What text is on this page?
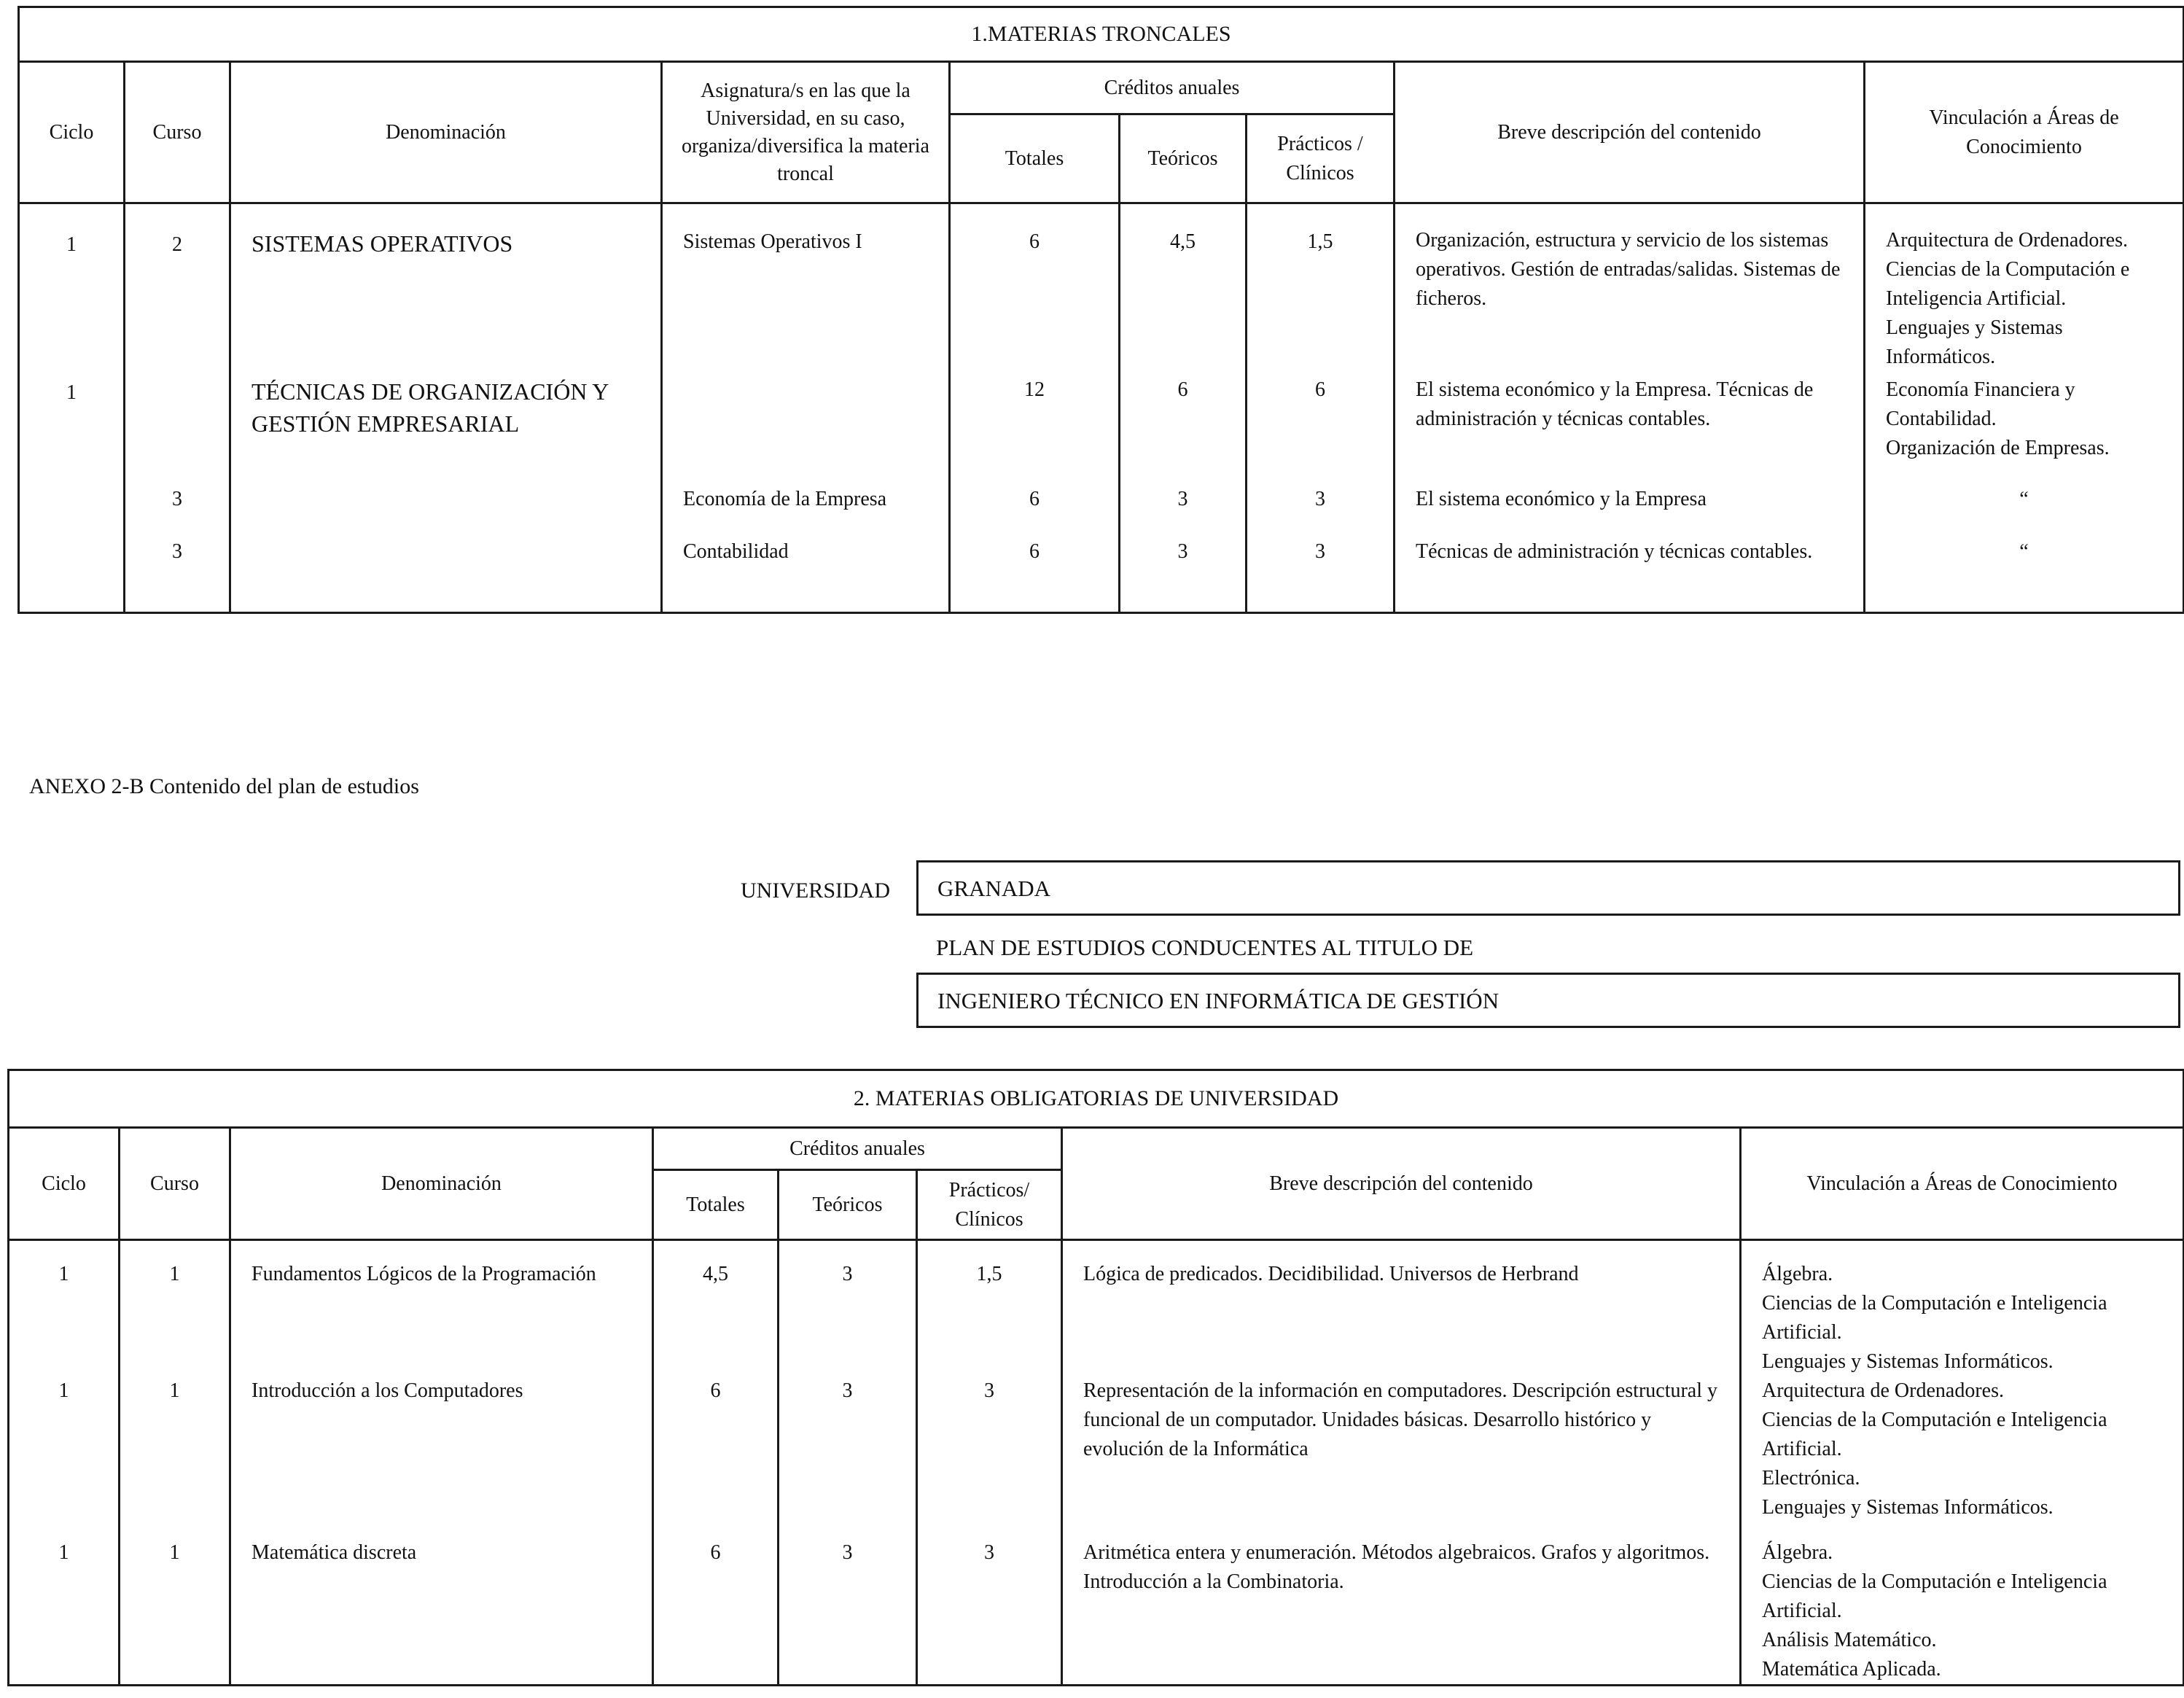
1.MATERIAS TRONCALES								
Ciclo	Curso	Denominación	Asignatura/s en las que la Universidad, en su caso, organiza/diversifica la materia troncal	Créditos anuales			Breve descripción del contenido	Vinculación a Áreas de Conocimiento
				Totales	Teóricos	Prácticos / Clínicos		
1	2	SISTEMAS OPERATIVOS	Sistemas Operativos I	6	4,5	1,5	Organización, estructura y servicio de los sistemas operativos. Gestión de entradas/salidas. Sistemas de ficheros.	Arquitectura de Ordenadores.
Ciencias de la Computación e Inteligencia Artificial.
Lenguajes y Sistemas Informáticos.
1		TÉCNICAS DE ORGANIZACIÓN Y GESTIÓN EMPRESARIAL		12	6	6	El sistema económico y la Empresa. Técnicas de administración y técnicas contables.	Economía Financiera y Contabilidad.
Organización de Empresas.
	3		Economía de la Empresa	6	3	3	El sistema económico y la Empresa	“
	3		Contabilidad	6	3	3	Técnicas de administración y técnicas contables.	“
ANEXO 2-B Contenido del plan de estudios
UNIVERSIDAD	GRANADA
PLAN DE ESTUDIOS CONDUCENTES AL TITULO DE
INGENIERO TÉCNICO EN INFORMÁTICA DE GESTIÓN
2. MATERIAS OBLIGATORIAS DE UNIVERSIDAD							
Ciclo	Curso	Denominación	Créditos anuales			Breve descripción del contenido	Vinculación a Áreas de Conocimiento
			Totales	Teóricos	Prácticos/ Clínicos		
1	1	Fundamentos Lógicos de la Programación	4,5	3	1,5	Lógica de predicados. Decidibilidad. Universos de Herbrand	Álgebra.
Ciencias de la Computación e Inteligencia Artificial.
Lenguajes y Sistemas Informáticos.
1	1	Introducción a los Computadores	6	3	3	Representación de la información en computadores. Descripción estructural y funcional de un computador. Unidades básicas. Desarrollo histórico y evolución de la Informática	Arquitectura de Ordenadores.
Ciencias de la Computación e Inteligencia Artificial.
Electrónica.
Lenguajes y Sistemas Informáticos.
1	1	Matemática discreta	6	3	3	Aritmética entera y enumeración. Métodos algebraicos. Grafos y algoritmos. Introducción a la Combinatoria.	Álgebra.
Ciencias de la Computación e Inteligencia Artificial.
Análisis Matemático.
Matemática Aplicada.
